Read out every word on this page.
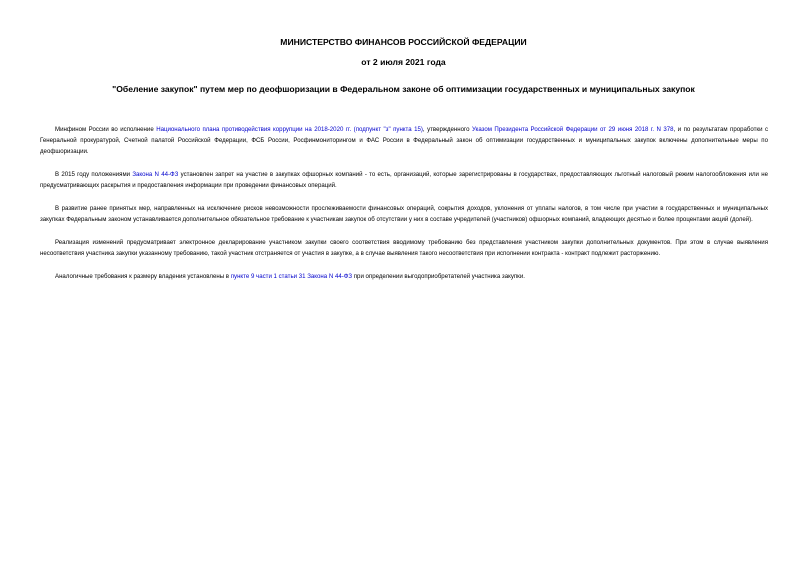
МИНИСТЕРСТВО ФИНАНСОВ РОССИЙСКОЙ ФЕДЕРАЦИИ
от 2 июля 2021 года
"Обеление закупок" путем мер по деофшоризации в Федеральном законе об оптимизации государственных и муниципальных закупок

Минфином России во исполнение Национального плана противодействия коррупции на 2018-2020 гг. (подпункт "з" пункта 15), утвержденного Указом Президента Российской Федерации от 29 июня 2018 г. N 378, и по результатам проработки с Генеральной прокуратурой, Счетной палатой Российской Федерации, ФСБ России, Росфинмониторингом и ФАС России в Федеральный закон об оптимизации государственных и муниципальных закупок включены дополнительные меры по деофшоризации.

В 2015 году положениями Закона N 44-ФЗ установлен запрет на участие в закупках офшорных компаний - то есть, организаций, которые зарегистрированы в государствах, предоставляющих льготный налоговый режим налогообложения или не предусматривающих раскрытия и предоставления информации при проведении финансовых операций.

В развитие ранее принятых мер, направленных на исключение рисков невозможности прослеживаемости финансовых операций, сокрытия доходов, уклонения от уплаты налогов, в том числе при участии в государственных и муниципальных закупках Федеральным законом устанавливается дополнительное обязательное требование к участникам закупок об отсутствии у них в составе учредителей (участников) офшорных компаний, владеющих десятью и более процентами акций (долей).

Реализация изменений предусматривает электронное декларирование участником закупки своего соответствия вводимому требованию без представления участником закупки дополнительных документов. При этом в случае выявления несоответствия участника закупки указанному требованию, такой участник отстраняется от участия в закупке, а в случае выявления такого несоответствия при исполнении контракта - контракт подлежит расторжению.

Аналогичные требования к размеру владения установлены в пункте 9 части 1 статьи 31 Закона N 44-ФЗ при определении выгодоприобретателей участника закупки.
